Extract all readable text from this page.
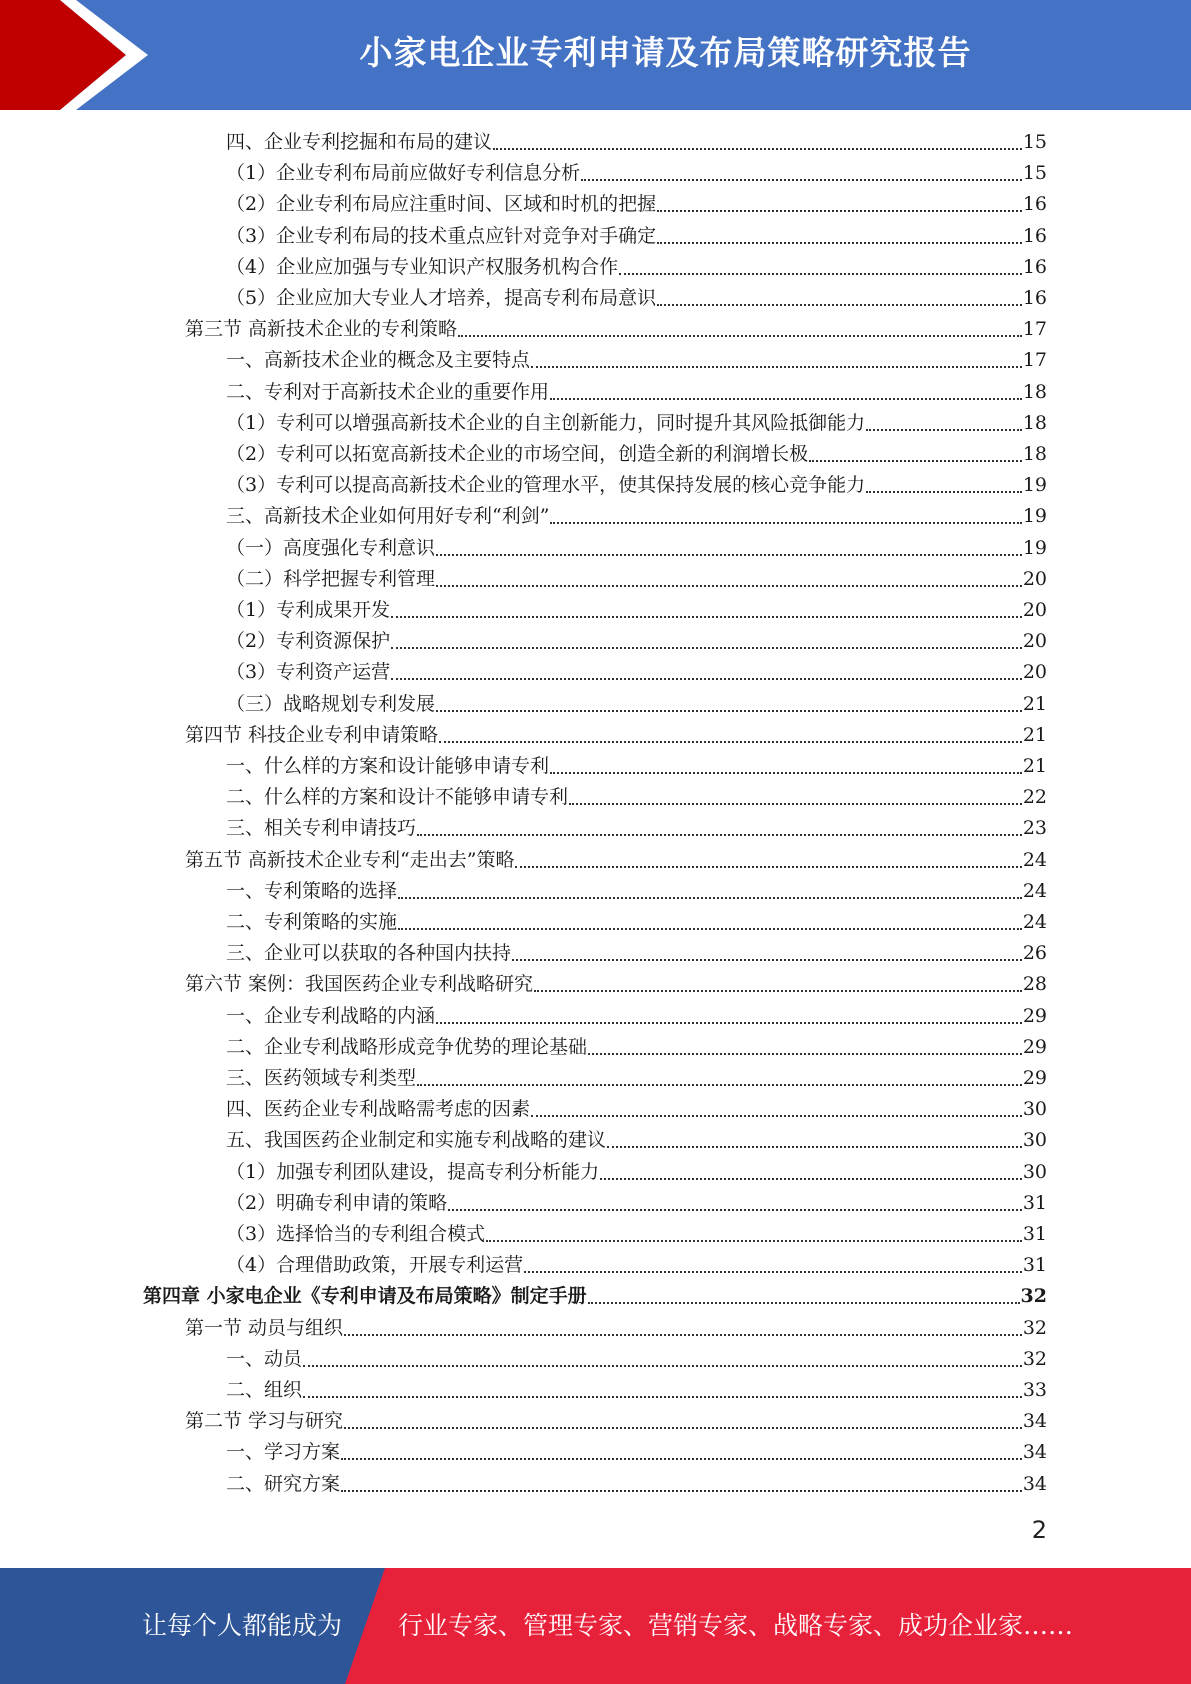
小家电企业专利申请及布局策略研究报告
四、企业专利挖掘和布局的建议	15
（1）企业专利布局前应做好专利信息分析	15
（2）企业专利布局应注重时间、区域和时机的把握	16
（3）企业专利布局的技术重点应针对竞争对手确定	16
（4）企业应加强与专业知识产权服务机构合作	16
（5）企业应加大专业人才培养，提高专利布局意识	16
第三节 高新技术企业的专利策略	17
一、高新技术企业的概念及主要特点	17
二、专利对于高新技术企业的重要作用	18
（1）专利可以增强高新技术企业的自主创新能力，同时提升其风险抵御能力	18
（2）专利可以拓宽高新技术企业的市场空间，创造全新的利润增长极	18
（3）专利可以提高高新技术企业的管理水平，使其保持发展的核心竞争能力	19
三、高新技术企业如何用好专利“利剑”	19
（一）高度强化专利意识	19
（二）科学把握专利管理	20
（1）专利成果开发	20
（2）专利资源保护	20
（3）专利资产运营	20
（三）战略规划专利发展	21
第四节 科技企业专利申请策略	21
一、什么样的方案和设计能够申请专利	21
二、什么样的方案和设计不能够申请专利	22
三、相关专利申请技巧	23
第五节 高新技术企业专利“走出去”策略	24
一、专利策略的选择	24
二、专利策略的实施	24
三、企业可以获取的各种国内扶持	26
第六节 案例：我国医药企业专利战略研究	28
一、企业专利战略的内涵	29
二、企业专利战略形成竞争优势的理论基础	29
三、医药领域专利类型	29
四、医药企业专利战略需考虑的因素	30
五、我国医药企业制定和实施专利战略的建议	30
（1）加强专利团队建设，提高专利分析能力	30
（2）明确专利申请的策略	31
（3）选择恰当的专利组合模式	31
（4）合理借助政策，开展专利运营	31
第四章 小家电企业《专利申请及布局策略》制定手册	32
第一节 动员与组织	32
一、动员	32
二、组织	33
第二节 学习与研究	34
一、学习方案	34
二、研究方案	34
2
让每个人都能成为 行业专家、管理专家、营销专家、战略专家、成功企业家……
